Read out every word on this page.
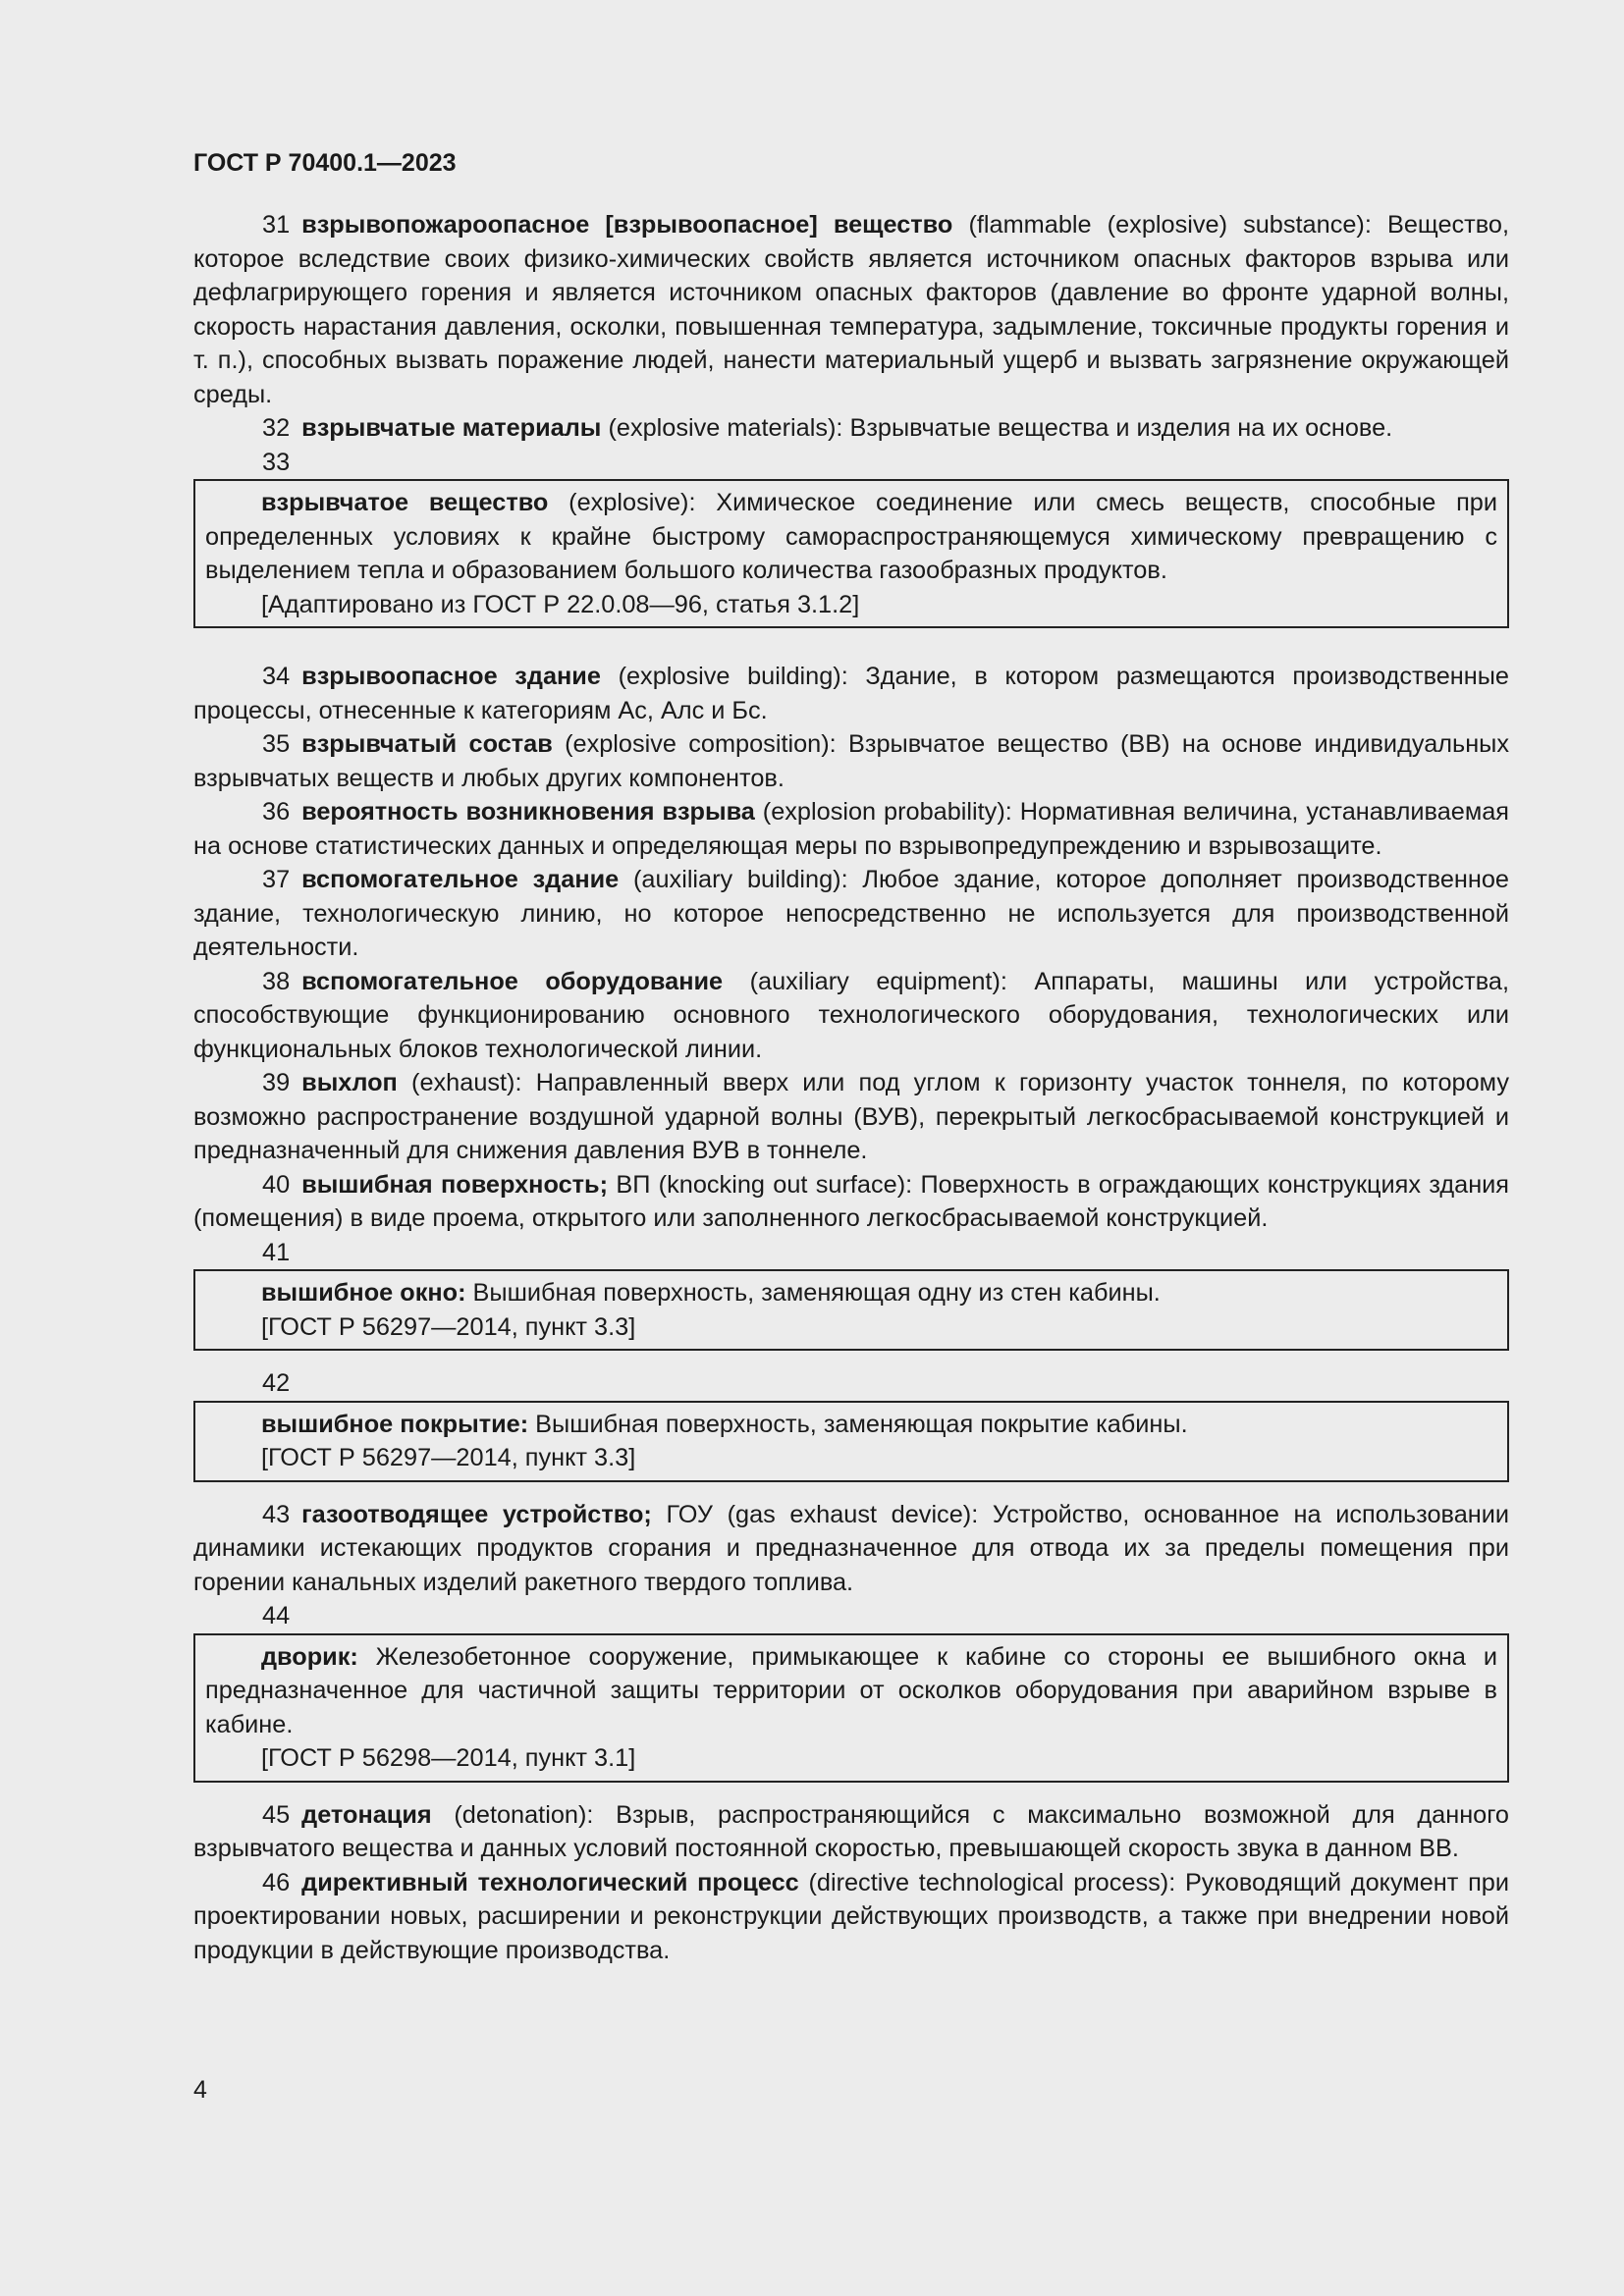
ГОСТ Р 70400.1—2023

31 взрывопожароопасное [взрывоопасное] вещество (flammable (explosive) substance): Вещество, которое вследствие своих физико-химических свойств является источником опасных факторов взрыва или дефлагрирующего горения и является источником опасных факторов (давление во фронте ударной волны, скорость нарастания давления, осколки, повышенная температура, задымление, токсичные продукты горения и т. п.), способных вызвать поражение людей, нанести материальный ущерб и вызвать загрязнение окружающей среды.

32 взрывчатые материалы (explosive materials): Взрывчатые вещества и изделия на их основе.

33

взрывчатое вещество (explosive): Химическое соединение или смесь веществ, способные при определенных условиях к крайне быстрому самораспространяющемуся химическому превращению с выделением тепла и образованием большого количества газообразных продуктов.

[Адаптировано из ГОСТ Р 22.0.08—96, статья 3.1.2]

34 взрывоопасное здание (explosive building): Здание, в котором размещаются производственные процессы, отнесенные к категориям Ас, Алс и Бс.

35 взрывчатый состав (explosive composition): Взрывчатое вещество (ВВ) на основе индивидуальных взрывчатых веществ и любых других компонентов.

36 вероятность возникновения взрыва (explosion probability): Нормативная величина, устанавливаемая на основе статистических данных и определяющая меры по взрывопредупреждению и взрывозащите.

37 вспомогательное здание (auxiliary building): Любое здание, которое дополняет производственное здание, технологическую линию, но которое непосредственно не используется для производственной деятельности.

38 вспомогательное оборудование (auxiliary equipment): Аппараты, машины или устройства, способствующие функционированию основного технологического оборудования, технологических или функциональных блоков технологической линии.

39 выхлоп (exhaust): Направленный вверх или под углом к горизонту участок тоннеля, по которому возможно распространение воздушной ударной волны (ВУВ), перекрытый легкосбрасываемой конструкцией и предназначенный для снижения давления ВУВ в тоннеле.

40 вышибная поверхность; ВП (knocking out surface): Поверхность в ограждающих конструкциях здания (помещения) в виде проема, открытого или заполненного легкосбрасываемой конструкцией.

41

вышибное окно: Вышибная поверхность, заменяющая одну из стен кабины.

[ГОСТ Р 56297—2014, пункт 3.3]

42

вышибное покрытие: Вышибная поверхность, заменяющая покрытие кабины.

[ГОСТ Р 56297—2014, пункт 3.3]

43 газоотводящее устройство; ГОУ (gas exhaust device): Устройство, основанное на использовании динамики истекающих продуктов сгорания и предназначенное для отвода их за пределы помещения при горении канальных изделий ракетного твердого топлива.

44

дворик: Железобетонное сооружение, примыкающее к кабине со стороны ее вышибного окна и предназначенное для частичной защиты территории от осколков оборудования при аварийном взрыве в кабине.

[ГОСТ Р 56298—2014, пункт 3.1]

45 детонация (detonation): Взрыв, распространяющийся с максимально возможной для данного взрывчатого вещества и данных условий постоянной скоростью, превышающей скорость звука в данном ВВ.

46 директивный технологический процесс (directive technological process): Руководящий документ при проектировании новых, расширении и реконструкции действующих производств, а также при внедрении новой продукции в действующие производства.

4
